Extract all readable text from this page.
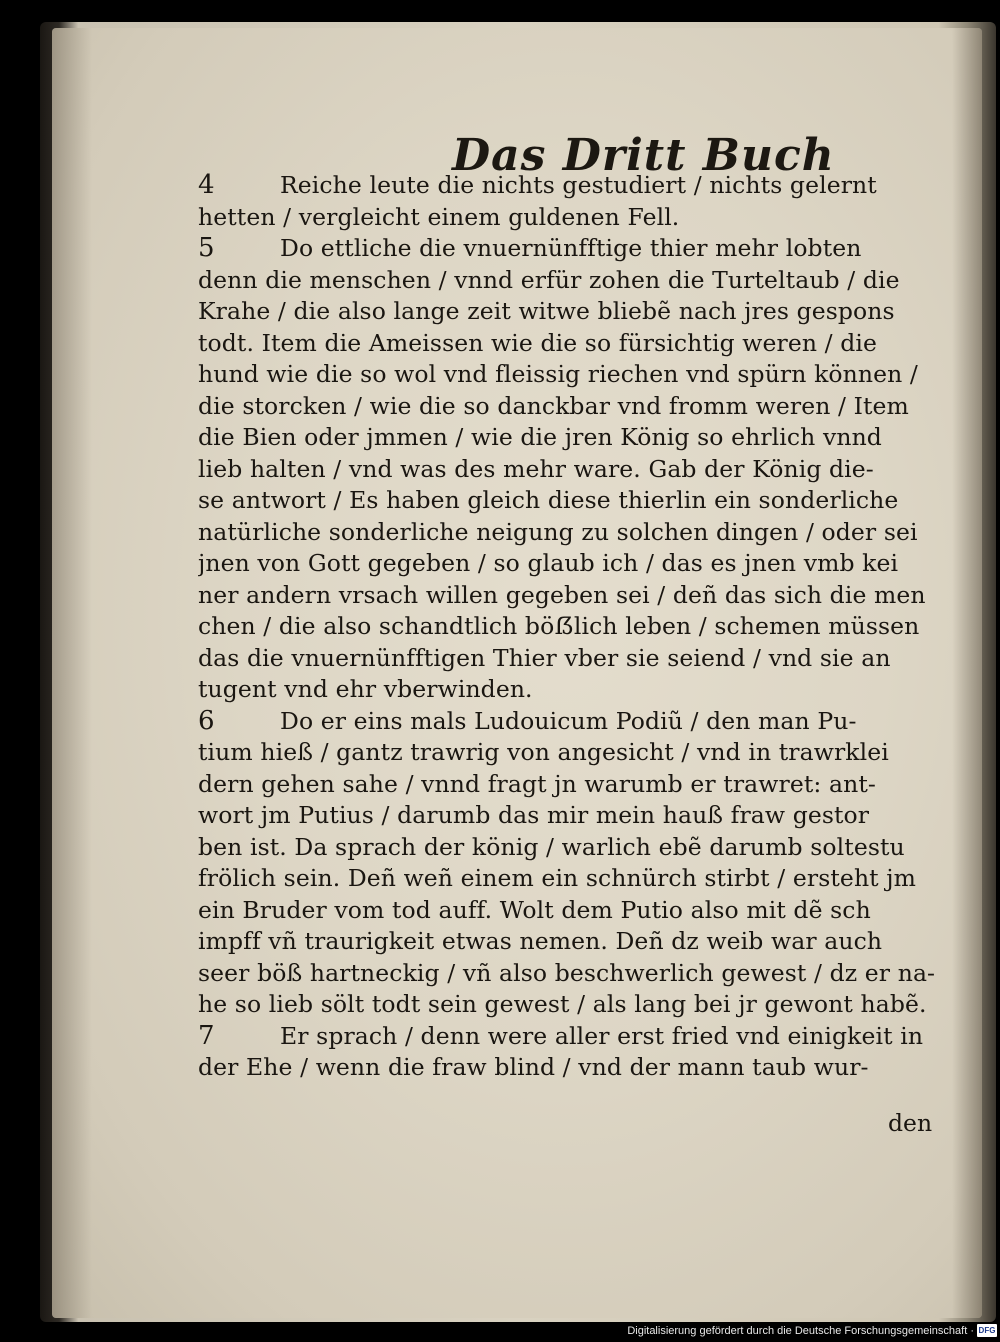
Das Dritt Buch
4	Reiche leute die nichts gestudiert / nichts gelernt
hetten / vergleicht einem guldenen Fell.
5	Do ettliche die vnuernünfftige thier mehr lobten
denn die menschen / vnnd erfür zohen die Turteltaub / die
Krahe / die also lange zeit witwe bliebẽ nach jres gespons
todt. Item die Ameissen wie die so fürsichtig weren / die
hund wie die so wol vnd fleissig riechen vnd spürn können /
die storcken / wie die so danckbar vnd fromm weren / Item
die Bien oder jmmen / wie die jren König so ehrlich vnnd
lieb halten / vnd was des mehr ware. Gab der König die-
se antwort / Es haben gleich diese thierlin ein sonderliche
natürliche sonderliche neigung zu solchen dingen / oder sei
jnen von Gott gegeben / so glaub ich / das es jnen vmb kei
ner andern vrsach willen gegeben sei / deñ das sich die men
chen / die also schandtlich böẞlich leben / schemen müssen
das die vnuernünfftigen Thier vber sie seiend / vnd sie an
tugent vnd ehr vberwinden.
6	Do er eins mals Ludouicum Podiũ / den man Pu-
tium hieß / gantz trawrig von angesicht / vnd in trawrklei
dern gehen sahe / vnnd fragt jn warumb er trawret: ant-
wort jm Putius / darumb das mir mein hauß fraw gestor
ben ist. Da sprach der könig / warlich ebẽ darumb soltestu
frölich sein. Deñ weñ einem ein schnürch stirbt / ersteht jm
ein Bruder vom tod auff. Wolt dem Putio also mit dẽ sch
impff vñ traurigkeit etwas nemen. Deñ dz weib war auch
seer böß hartneckig / vñ also beschwerlich gewest / dz er na-
he so lieb sölt todt sein gewest / als lang bei jr gewont habẽ.
7	Er sprach / denn were aller erst fried vnd einigkeit in
der Ehe / wenn die fraw blind / vnd der mann taub wur-
den
Digitalisierung gefördert durch die Deutsche Forschungsgemeinschaft · DFG
